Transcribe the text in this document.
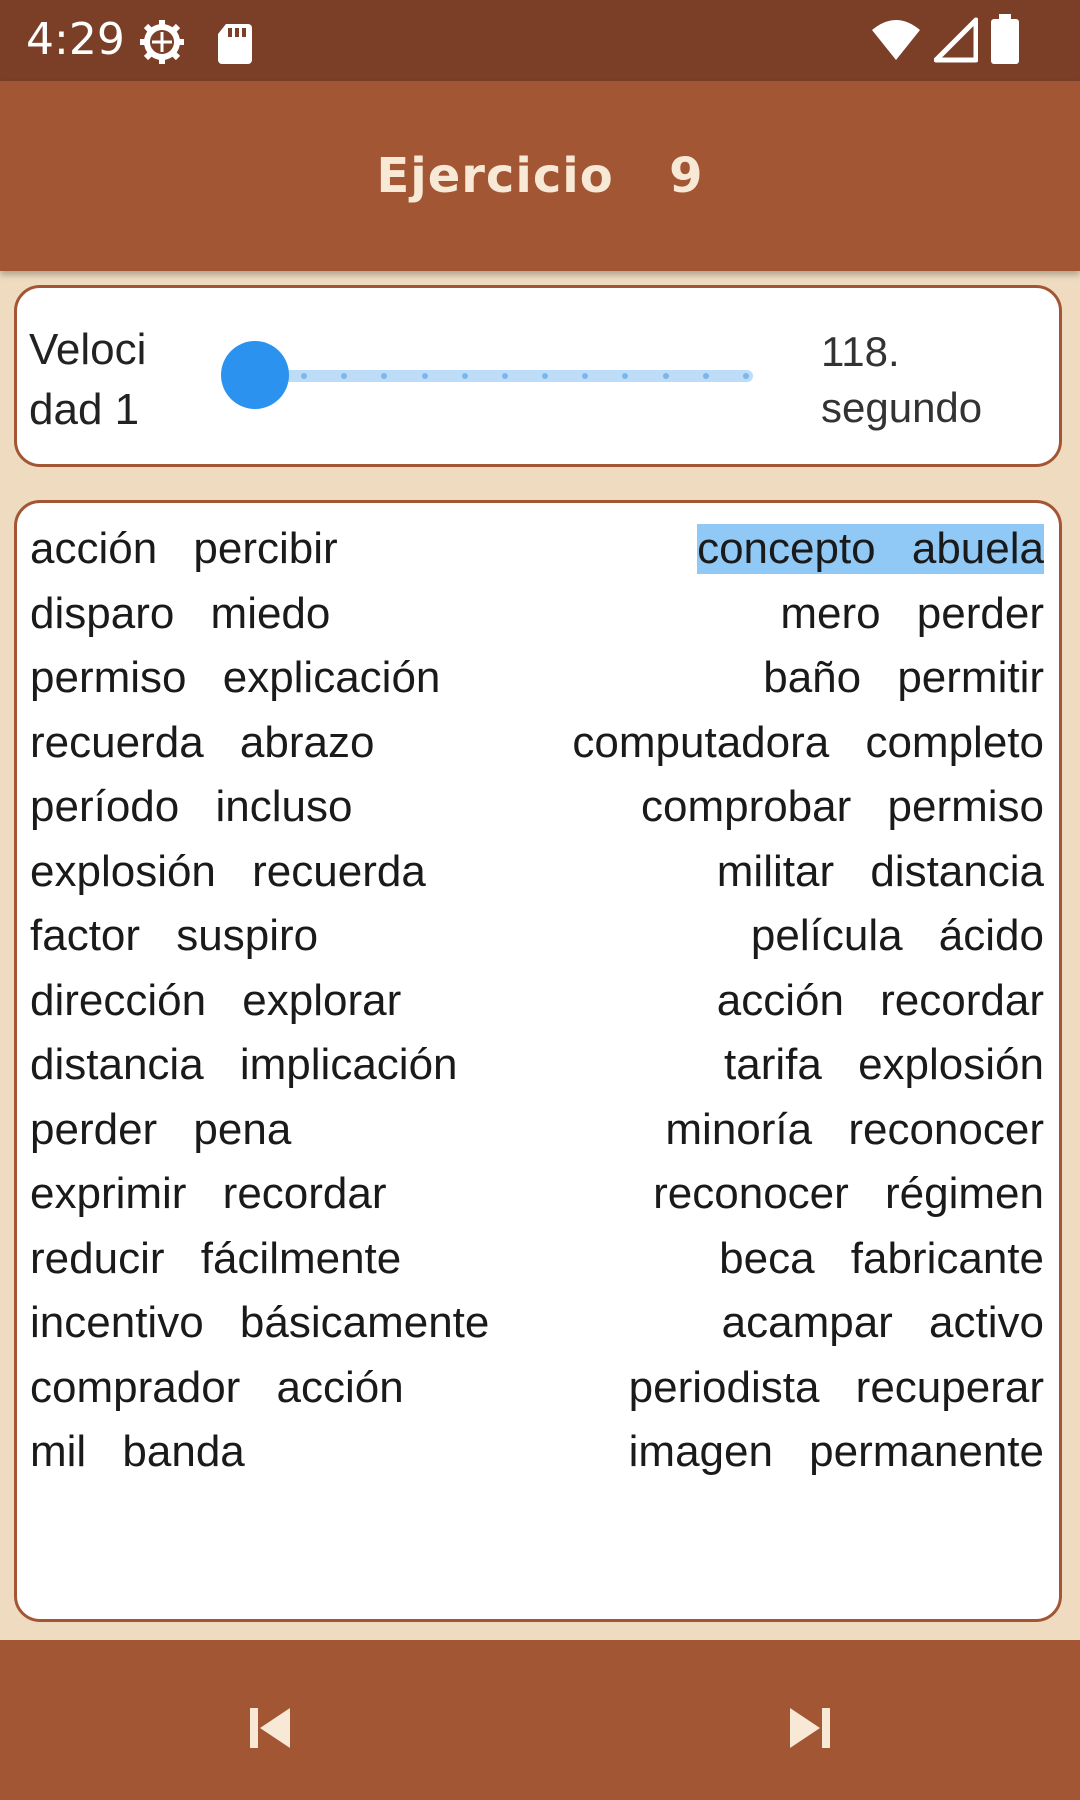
4:29
Ejercicio  9
Veloci
dad 1
118.
segundo
acción percibir	concepto abuela
disparo miedo	mero perder
permiso explicación	baño permitir
recuerda abrazo	computadora completo
período incluso	comprobar permiso
explosión recuerda	militar distancia
factor suspiro	película ácido
dirección explorar	acción recordar
distancia implicación	tarifa explosión
perder pena	minoría reconocer
exprimir recordar	reconocer régimen
reducir fácilmente	beca fabricante
incentivo básicamente	acampar activo
comprador acción	periodista recuperar
mil banda	imagen permanente
